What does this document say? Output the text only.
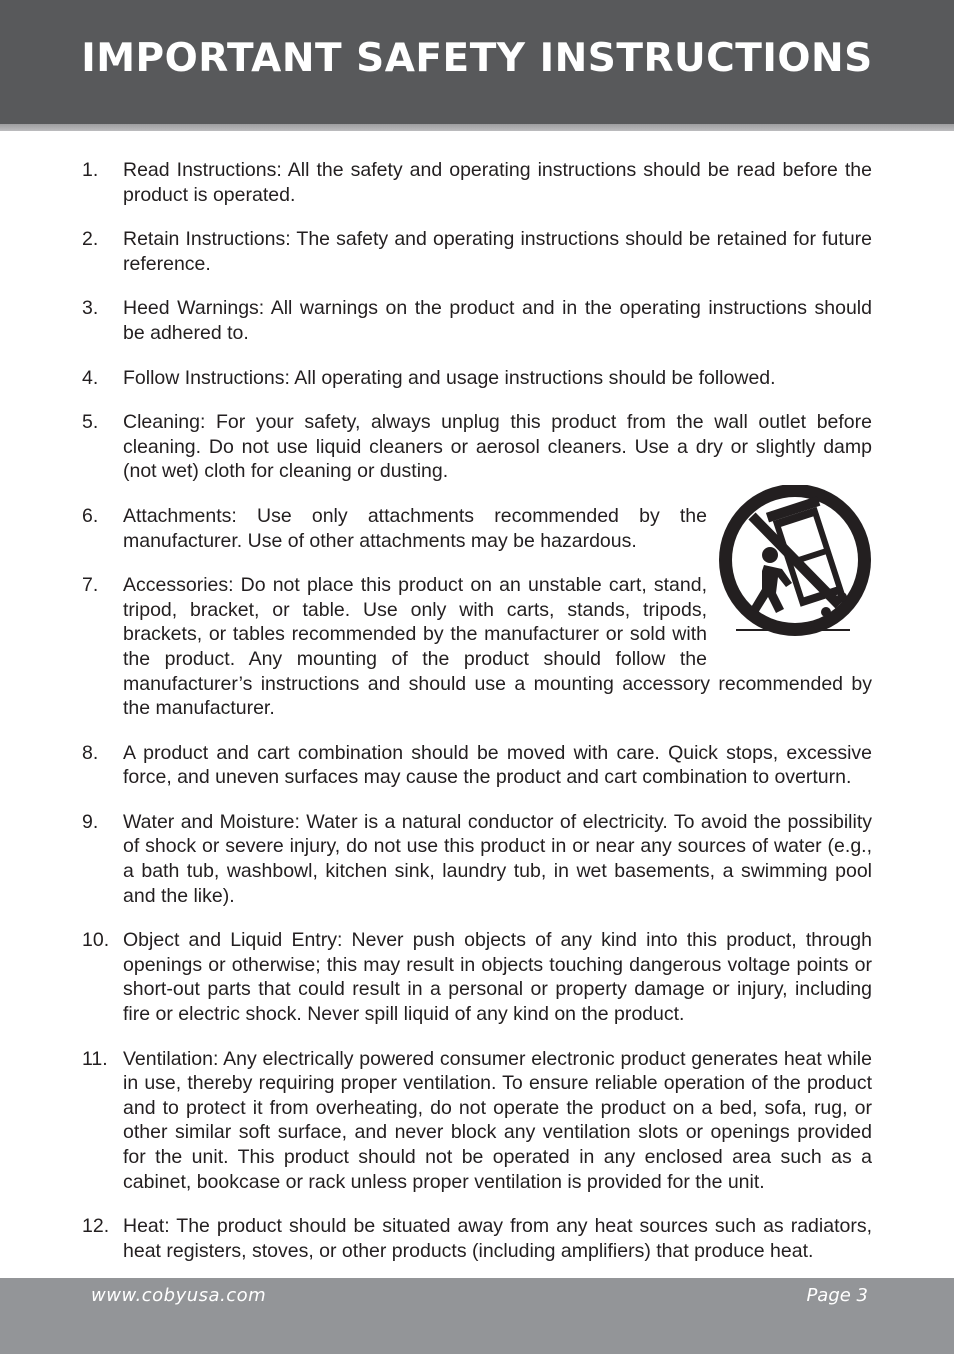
IMPORTANT SAFETY INSTRUCTIONS
1. Read Instructions: All the safety and operating instructions should be read before the product is operated.
2. Retain Instructions: The safety and operating instructions should be retained for future reference.
3. Heed Warnings: All warnings on the product and in the operating instructions should be adhered to.
4. Follow Instructions: All operating and usage instructions should be followed.
5. Cleaning: For your safety, always unplug this product from the wall outlet before cleaning. Do not use liquid cleaners or aerosol cleaners. Use a dry or slightly damp (not wet) cloth for cleaning or dusting.
6. Attachments: Use only attachments recommended by the manufacturer. Use of other attachments may be hazardous.
7. Accessories: Do not place this product on an unstable cart, stand, tripod, bracket, or table. Use only with carts, stands, tripods, brackets, or tables recommended by the manufacturer or sold with the product. Any mounting of the product should follow the manufacturer’s instructions and should use a mounting accessory recommended by the manufacturer.
8. A product and cart combination should be moved with care. Quick stops, excessive force, and uneven surfaces may cause the product and cart combination to overturn.
9. Water and Moisture: Water is a natural conductor of electricity. To avoid the possibility of shock or severe injury, do not use this product in or near any sources of water (e.g., a bath tub, washbowl, kitchen sink, laundry tub, in wet basements, a swimming pool and the like).
10. Object and Liquid Entry: Never push objects of any kind into this product, through openings or otherwise; this may result in objects touching dangerous voltage points or short-out parts that could result in a personal or property damage or injury, including fire or electric shock. Never spill liquid of any kind on the product.
11. Ventilation: Any electrically powered consumer electronic product generates heat while in use, thereby requiring proper ventilation. To ensure reliable operation of the product and to protect it from overheating, do not operate the product on a bed, sofa, rug, or other similar soft surface, and never block any ventilation slots or openings provided for the unit. This product should not be operated in any enclosed area such as a cabinet, bookcase or rack unless proper ventilation is provided for the unit.
12. Heat: The product should be situated away from any heat sources such as radiators, heat registers, stoves, or other products (including amplifiers) that produce heat.
www.cobyusa.com	Page 3
